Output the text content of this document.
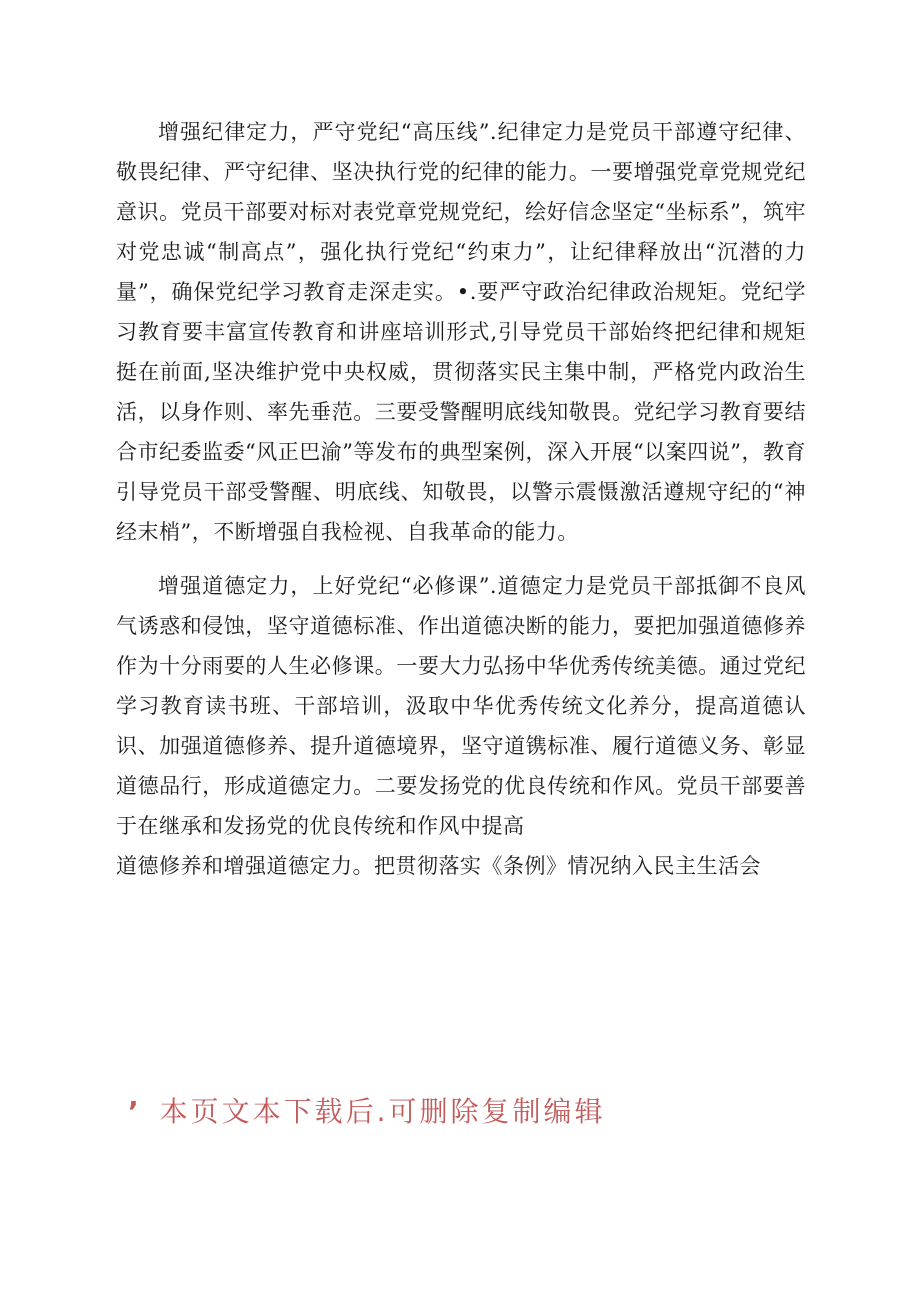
增强纪律定力，严守党纪“高压线”.纪律定力是党员干部遵守纪律、敬畏纪律、严守纪律、坚决执行党的纪律的能力。一要增强党章党规党纪意识。党员干部要对标对表党章党规党纪，绘好信念坚定“坐标系”，筑牢对党忠诚“制高点”，强化执行党纪“约束力”，让纪律释放出“沉潜的力量”，确保党纪学习教育走深走实。•.要严守政治纪律政治规矩。党纪学习教育要丰富宣传教育和讲座培训形式,引导党员干部始终把纪律和规矩挺在前面,坚决维护党中央权威，贯彻落实民主集中制，严格党内政治生活，以身作则、率先垂范。三要受警醒明底线知敬畏。党纪学习教育要结合市纪委监委“风正巴渝”等发布的典型案例，深入开展“以案四说”，教育引导党员干部受警醒、明底线、知敬畏，以警示震慑激活遵规守纪的“神经末梢”，不断增强自我检视、自我革命的能力。

增强道德定力，上好党纪“必修课”.道德定力是党员干部抵御不良风气诱惑和侵蚀，坚守道德标准、作出道德决断的能力，要把加强道德修养作为十分雨要的人生必修课。一要大力弘扬中华优秀传统美德。通过党纪学习教育读书班、干部培训，汲取中华优秀传统文化养分，提高道德认识、加强道德修养、提升道德境界，坚守道镌标准、履行道德义务、彰显道德品行，形成道德定力。二要发扬党的优良传统和作风。党员干部要善于在继承和发扬党的优良传统和作风中提高

道德修养和增强道德定力。把贯彻落实《条例》情况纳入民主生活会

’ 本页文本下载后.可删除复制编辑
